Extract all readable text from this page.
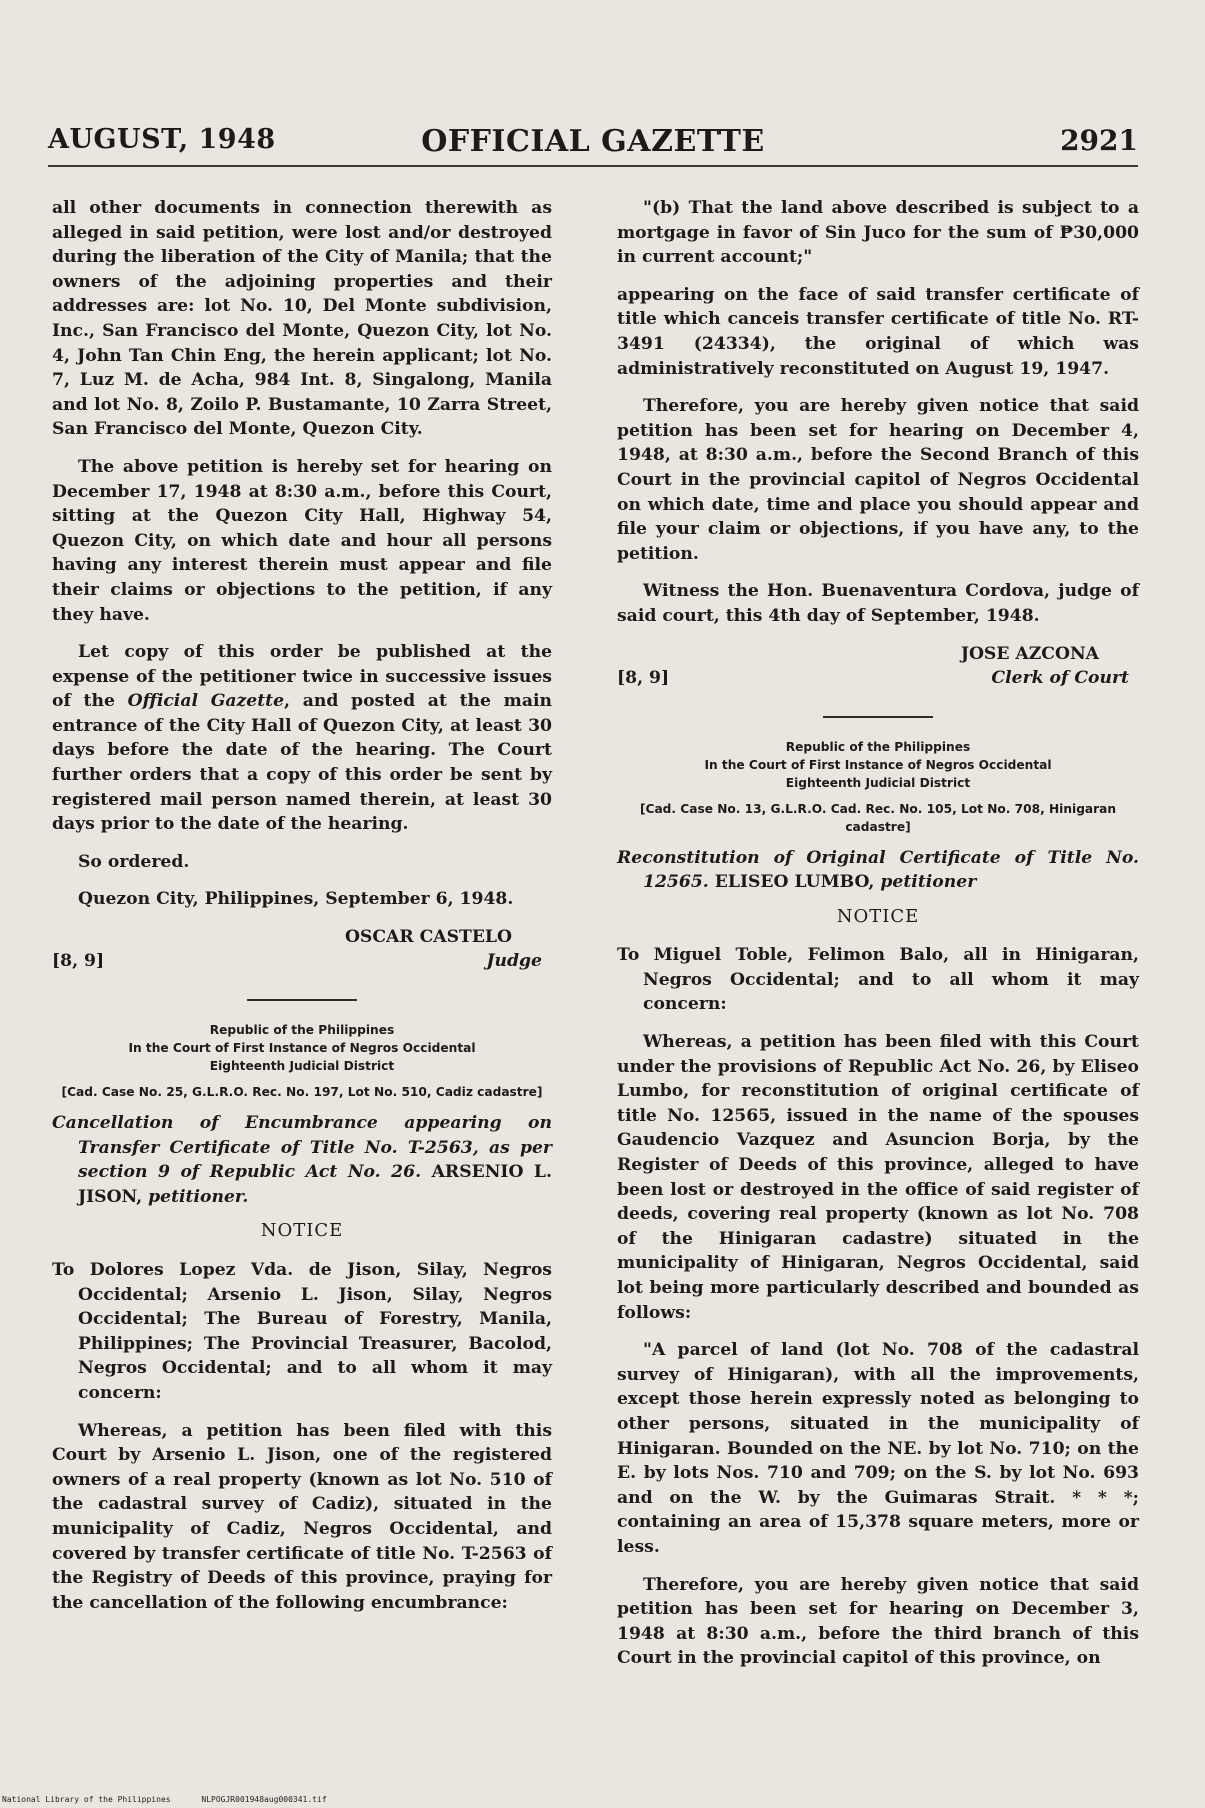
AUGUST, 1948	OFFICIAL GAZETTE	2921

all other documents in connection therewith as alleged in said petition, were lost and/or destroyed during the liberation of the City of Manila; that the owners of the adjoining properties and their addresses are: lot No. 10, Del Monte subdivision, Inc., San Francisco del Monte, Quezon City, lot No. 4, John Tan Chin Eng, the herein applicant; lot No. 7, Luz M. de Acha, 984 Int. 8, Singalong, Manila and lot No. 8, Zoilo P. Bustamante, 10 Zarra Street, San Francisco del Monte, Quezon City.

The above petition is hereby set for hearing on December 17, 1948 at 8:30 a.m., before this Court, sitting at the Quezon City Hall, Highway 54, Quezon City, on which date and hour all persons having any interest therein must appear and file their claims or objections to the petition, if any they have.

Let copy of this order be published at the expense of the petitioner twice in successive issues of the Official Gazette, and posted at the main entrance of the City Hall of Quezon City, at least 30 days before the date of the hearing. The Court further orders that a copy of this order be sent by registered mail person named therein, at least 30 days prior to the date of the hearing.

So ordered.

Quezon City, Philippines, September 6, 1948.

OSCAR CASTELO
[8, 9]	Judge
Republic of the Philippines
In the Court of First Instance of Negros Occidental
Eighteenth Judicial District
[Cad. Case No. 25, G.L.R.O. Rec. No. 197, Lot No. 510, Cadiz cadastre]
Cancellation of Encumbrance appearing on Transfer Certificate of Title No. T-2563, as per section 9 of Republic Act No. 26. ARSENIO L. JISON, petitioner.
NOTICE

To Dolores Lopez Vda. de Jison, Silay, Negros Occidental; Arsenio L. Jison, Silay, Negros Occidental; The Bureau of Forestry, Manila, Philippines; The Provincial Treasurer, Bacolod, Negros Occidental; and to all whom it may concern:

Whereas, a petition has been filed with this Court by Arsenio L. Jison, one of the registered owners of a real property (known as lot No. 510 of the cadastral survey of Cadiz), situated in the municipality of Cadiz, Negros Occidental, and covered by transfer certificate of title No. T-2563 of the Registry of Deeds of this province, praying for the cancellation of the following encumbrance:

"(b) That the land above described is subject to a mortgage in favor of Sin Juco for the sum of ₱30,000 in current account;"

appearing on the face of said transfer certificate of title which canceis transfer certificate of title No. RT-3491 (24334), the original of which was administratively reconstituted on August 19, 1947.

Therefore, you are hereby given notice that said petition has been set for hearing on December 4, 1948, at 8:30 a.m., before the Second Branch of this Court in the provincial capitol of Negros Occidental on which date, time and place you should appear and file your claim or objections, if you have any, to the petition.

Witness the Hon. Buenaventura Cordova, judge of said court, this 4th day of September, 1948.

JOSE AZCONA
[8, 9]	Clerk of Court
Republic of the Philippines
In the Court of First Instance of Negros Occidental
Eighteenth Judicial District
[Cad. Case No. 13, G.L.R.O. Cad. Rec. No. 105, Lot No. 708, Hinigaran cadastre]
Reconstitution of Original Certificate of Title No. 12565. ELISEO LUMBO, petitioner
NOTICE

To Miguel Toble, Felimon Balo, all in Hinigaran, Negros Occidental; and to all whom it may concern:

Whereas, a petition has been filed with this Court under the provisions of Republic Act No. 26, by Eliseo Lumbo, for reconstitution of original certificate of title No. 12565, issued in the name of the spouses Gaudencio Vazquez and Asuncion Borja, by the Register of Deeds of this province, alleged to have been lost or destroyed in the office of said register of deeds, covering real property (known as lot No. 708 of the Hinigaran cadastre) situated in the municipality of Hinigaran, Negros Occidental, said lot being more particularly described and bounded as follows:

"A parcel of land (lot No. 708 of the cadastral survey of Hinigaran), with all the improvements, except those herein expressly noted as belonging to other persons, situated in the municipality of Hinigaran. Bounded on the NE. by lot No. 710; on the E. by lots Nos. 710 and 709; on the S. by lot No. 693 and on the W. by the Guimaras Strait. * * *; containing an area of 15,378 square meters, more or less.

Therefore, you are hereby given notice that said petition has been set for hearing on December 3, 1948 at 8:30 a.m., before the third branch of this Court in the provincial capitol of this province, on

National Library of the Philippines	NLPOGJR001948aug000341.tif
